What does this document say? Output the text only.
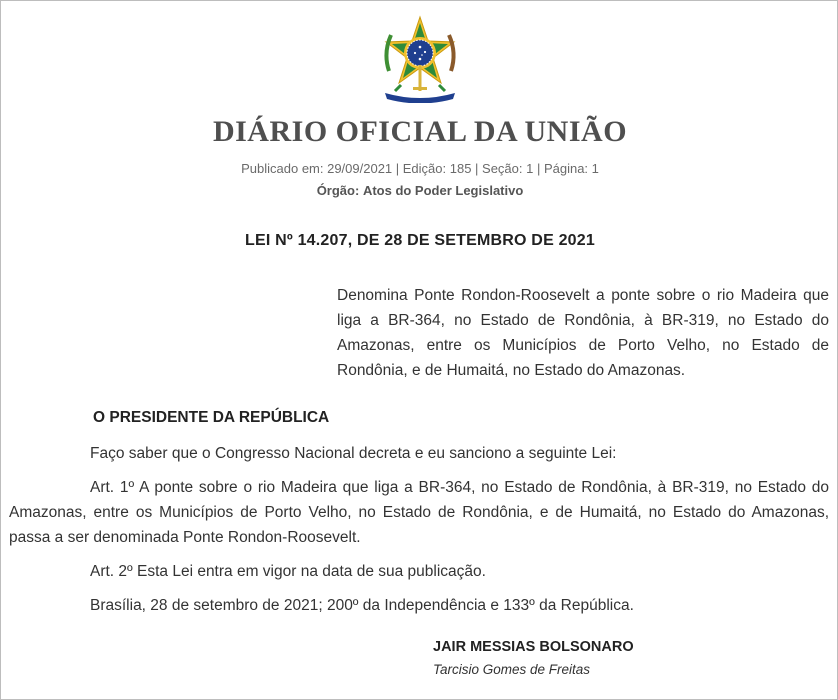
DIÁRIO OFICIAL DA UNIÃO
Publicado em: 29/09/2021 | Edição: 185 | Seção: 1 | Página: 1
Órgão: Atos do Poder Legislativo
LEI Nº 14.207, DE 28 DE SETEMBRO DE 2021
Denomina Ponte Rondon-Roosevelt a ponte sobre o rio Madeira que liga a BR-364, no Estado de Rondônia, à BR-319, no Estado do Amazonas, entre os Municípios de Porto Velho, no Estado de Rondônia, e de Humaitá, no Estado do Amazonas.
O PRESIDENTE DA REPÚBLICA
Faço saber que o Congresso Nacional decreta e eu sanciono a seguinte Lei:
Art. 1º A ponte sobre o rio Madeira que liga a BR-364, no Estado de Rondônia, à BR-319, no Estado do Amazonas, entre os Municípios de Porto Velho, no Estado de Rondônia, e de Humaitá, no Estado do Amazonas, passa a ser denominada Ponte Rondon-Roosevelt.
Art. 2º Esta Lei entra em vigor na data de sua publicação.
Brasília, 28 de setembro de 2021; 200º da Independência e 133º da República.
JAIR MESSIAS BOLSONARO
Tarcisio Gomes de Freitas
